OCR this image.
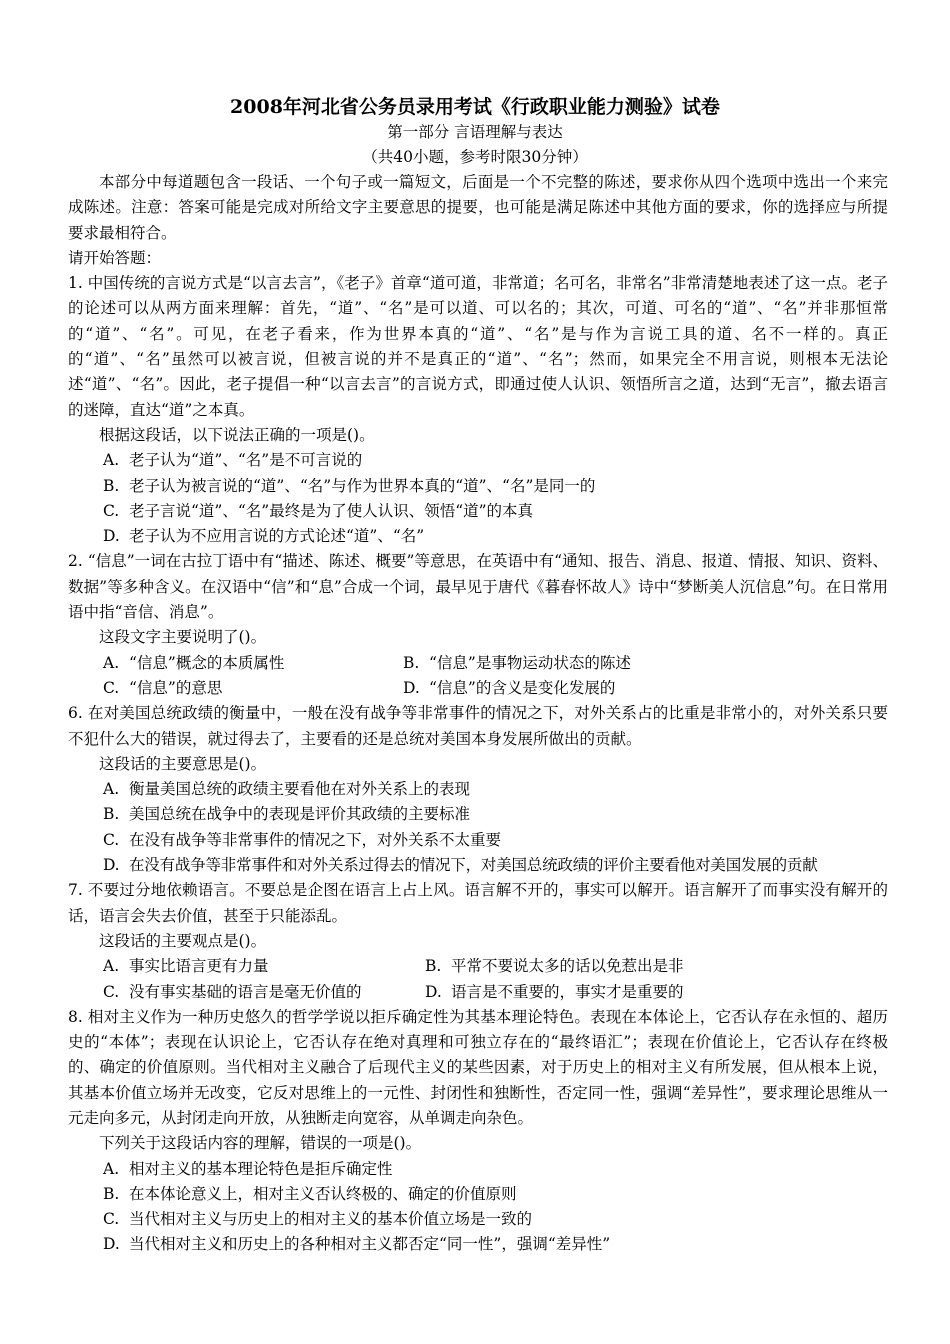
2008年河北省公务员录用考试《行政职业能力测验》试卷
第一部分 言语理解与表达
（共40小题，参考时限30分钟）

本部分中每道题包含一段话、一个句子或一篇短文，后面是一个不完整的陈述，要求你从四个选项中选出一个来完成陈述。注意：答案可能是完成对所给文字主要意思的提要，也可能是满足陈述中其他方面的要求，你的选择应与所提要求最相符合。

请开始答题：

1. 中国传统的言说方式是“以言去言”，《老子》首章“道可道，非常道；名可名，非常名”非常清楚地表述了这一点。老子的论述可以从两方面来理解：首先，“道”、“名”是可以道、可以名的；其次，可道、可名的“道”、“名”并非那恒常的“道”、“名”。可见，在老子看来，作为世界本真的“道”、“名”是与作为言说工具的道、名不一样的。真正的“道”、“名”虽然可以被言说，但被言说的并不是真正的“道”、“名”；然而，如果完全不用言说，则根本无法论述“道”、“名”。因此，老子提倡一种“以言去言”的言说方式，即通过使人认识、领悟所言之道，达到“无言”，撤去语言的迷障，直达“道”之本真。

根据这段话，以下说法正确的一项是()。

A. 老子认为“道”、“名”是不可言说的
B. 老子认为被言说的“道”、“名”与作为世界本真的“道”、“名”是同一的
C. 老子言说“道”、“名”最终是为了使人认识、领悟“道”的本真
D. 老子认为不应用言说的方式论述“道”、“名”

2. “信息”一词在古拉丁语中有“描述、陈述、概要”等意思，在英语中有“通知、报告、消息、报道、情报、知识、资料、数据”等多种含义。在汉语中“信”和“息”合成一个词，最早见于唐代《暮春怀故人》诗中“梦断美人沉信息”句。在日常用语中指“音信、消息”。

这段文字主要说明了()。

A. “信息”概念的本质属性	B. “信息”是事物运动状态的陈述
C. “信息”的意思	D. “信息”的含义是变化发展的

6. 在对美国总统政绩的衡量中，一般在没有战争等非常事件的情况之下，对外关系占的比重是非常小的，对外关系只要不犯什么大的错误，就过得去了，主要看的还是总统对美国本身发展所做出的贡献。

这段话的主要意思是()。

A. 衡量美国总统的政绩主要看他在对外关系上的表现
B. 美国总统在战争中的表现是评价其政绩的主要标准
C. 在没有战争等非常事件的情况之下，对外关系不太重要
D. 在没有战争等非常事件和对外关系过得去的情况下，对美国总统政绩的评价主要看他对美国发展的贡献

7. 不要过分地依赖语言。不要总是企图在语言上占上风。语言解不开的，事实可以解开。语言解开了而事实没有解开的话，语言会失去价值，甚至于只能添乱。

这段话的主要观点是()。

A. 事实比语言更有力量	B. 平常不要说太多的话以免惹出是非
C. 没有事实基础的语言是毫无价值的	D. 语言是不重要的，事实才是重要的

8. 相对主义作为一种历史悠久的哲学学说以拒斥确定性为其基本理论特色。表现在本体论上，它否认存在永恒的、超历史的“本体”；表现在认识论上，它否认存在绝对真理和可独立存在的“最终语汇”；表现在价值论上，它否认存在终极的、确定的价值原则。当代相对主义融合了后现代主义的某些因素，对于历史上的相对主义有所发展，但从根本上说，其基本价值立场并无改变，它反对思维上的一元性、封闭性和独断性，否定同一性，强调“差异性”，要求理论思维从一元走向多元，从封闭走向开放，从独断走向宽容，从单调走向杂色。

下列关于这段话内容的理解，错误的一项是()。

A. 相对主义的基本理论特色是拒斥确定性
B. 在本体论意义上，相对主义否认终极的、确定的价值原则
C. 当代相对主义与历史上的相对主义的基本价值立场是一致的
D. 当代相对主义和历史上的各种相对主义都否定“同一性”，强调“差异性”
